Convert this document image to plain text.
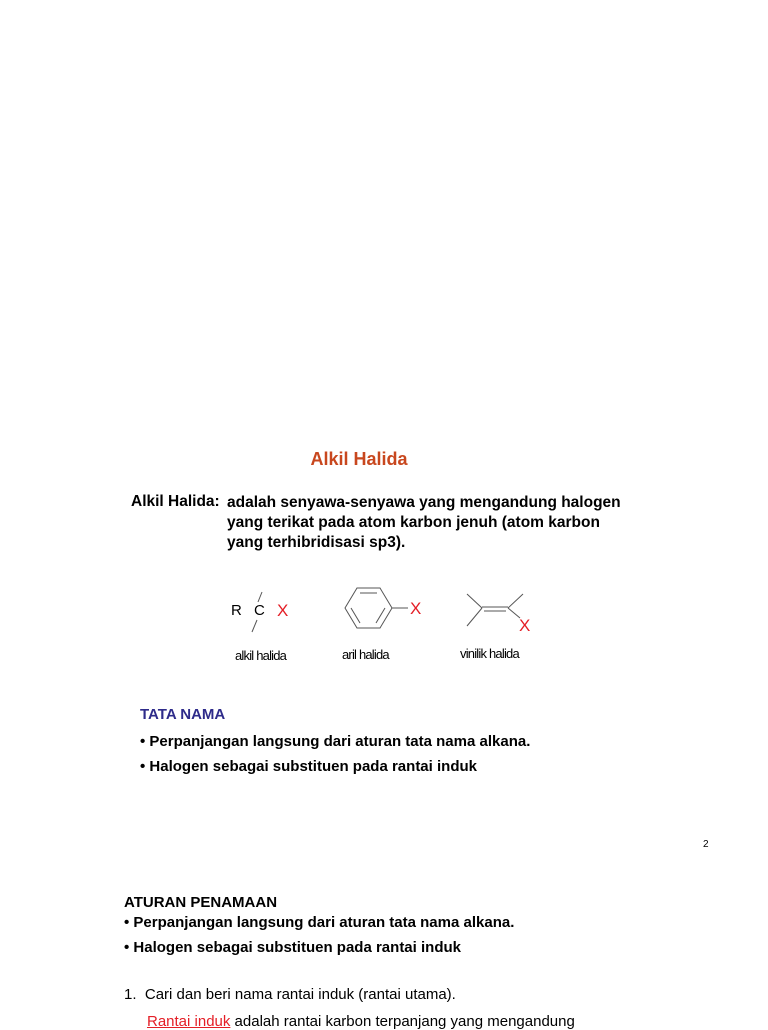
Alkil Halida
Alkil Halida: adalah senyawa-senyawa yang mengandung halogen
yang terikat pada atom karbon jenuh (atom karbon
yang terhibridisasi sp3).
R C X
alkil halida
X
aril halida
X
vinilik halida
TATA NAMA
• Perpanjangan langsung dari aturan tata nama alkana.
• Halogen sebagai substituen pada rantai induk
2
ATURAN PENAMAAN
• Perpanjangan langsung dari aturan tata nama alkana.
• Halogen sebagai substituen pada rantai induk
1. Cari dan beri nama rantai induk (rantai utama).
Rantai induk adalah rantai karbon terpanjang yang mengandung
